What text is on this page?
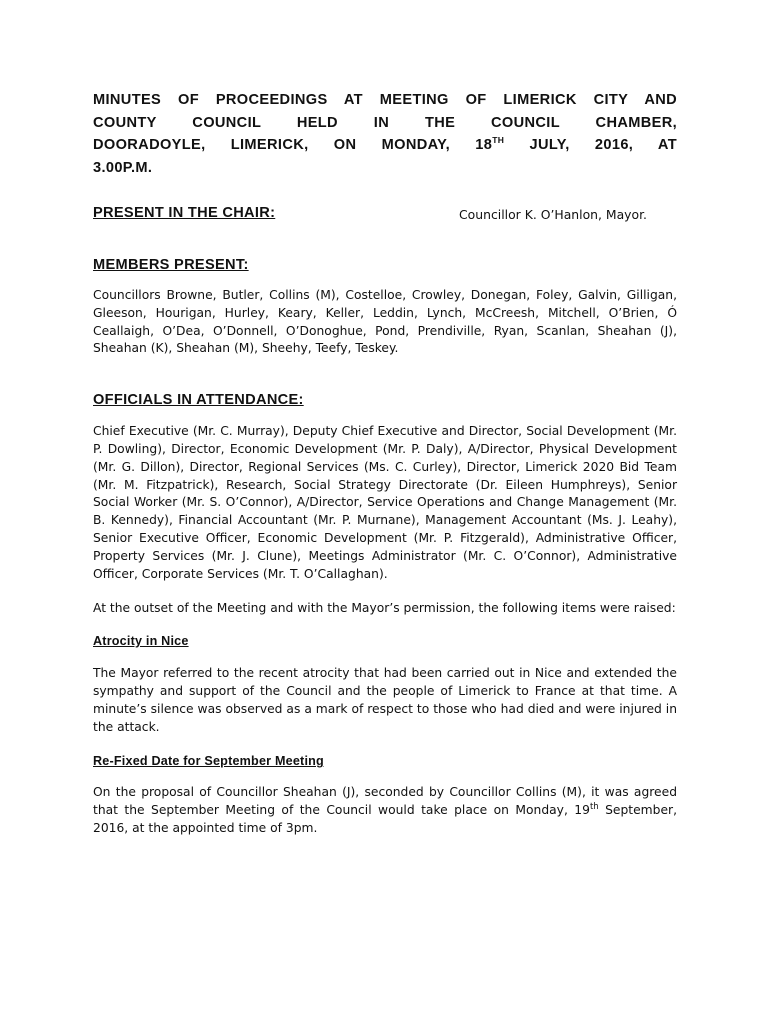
MINUTES OF PROCEEDINGS AT MEETING OF LIMERICK CITY AND
COUNTY COUNCIL HELD IN THE COUNCIL CHAMBER,
DOORADOYLE, LIMERICK, ON MONDAY, 18TH JULY, 2016, AT
3.00P.M.
PRESENT IN THE CHAIR:	Councillor K. O’Hanlon, Mayor.
MEMBERS PRESENT:

Councillors Browne, Butler, Collins (M), Costelloe, Crowley, Donegan, Foley, Galvin, Gilligan, Gleeson, Hourigan, Hurley, Keary, Keller, Leddin, Lynch, McCreesh, Mitchell, O’Brien, Ó Ceallaigh, O’Dea, O’Donnell, O’Donoghue, Pond, Prendiville, Ryan, Scanlan, Sheahan (J), Sheahan (K), Sheahan (M), Sheehy, Teefy, Teskey.

OFFICIALS IN ATTENDANCE:

Chief Executive (Mr. C. Murray), Deputy Chief Executive and Director, Social Development (Mr. P. Dowling), Director, Economic Development (Mr. P. Daly), A/Director, Physical Development (Mr. G. Dillon), Director, Regional Services (Ms. C. Curley), Director, Limerick 2020 Bid Team (Mr. M. Fitzpatrick), Research, Social Strategy Directorate (Dr. Eileen Humphreys), Senior Social Worker (Mr. S. O’Connor), A/Director, Service Operations and Change Management (Mr. B. Kennedy), Financial Accountant (Mr. P. Murnane), Management Accountant (Ms. J. Leahy), Senior Executive Officer, Economic Development (Mr. P. Fitzgerald), Administrative Officer, Property Services (Mr. J. Clune), Meetings Administrator (Mr. C. O’Connor), Administrative Officer, Corporate Services (Mr. T. O’Callaghan).

At the outset of the Meeting and with the Mayor’s permission, the following items were raised:

Atrocity in Nice

The Mayor referred to the recent atrocity that had been carried out in Nice and extended the sympathy and support of the Council and the people of Limerick to France at that time. A minute’s silence was observed as a mark of respect to those who had died and were injured in the attack.

Re-Fixed Date for September Meeting

On the proposal of Councillor Sheahan (J), seconded by Councillor Collins (M), it was agreed that the September Meeting of the Council would take place on Monday, 19th September, 2016, at the appointed time of 3pm.
